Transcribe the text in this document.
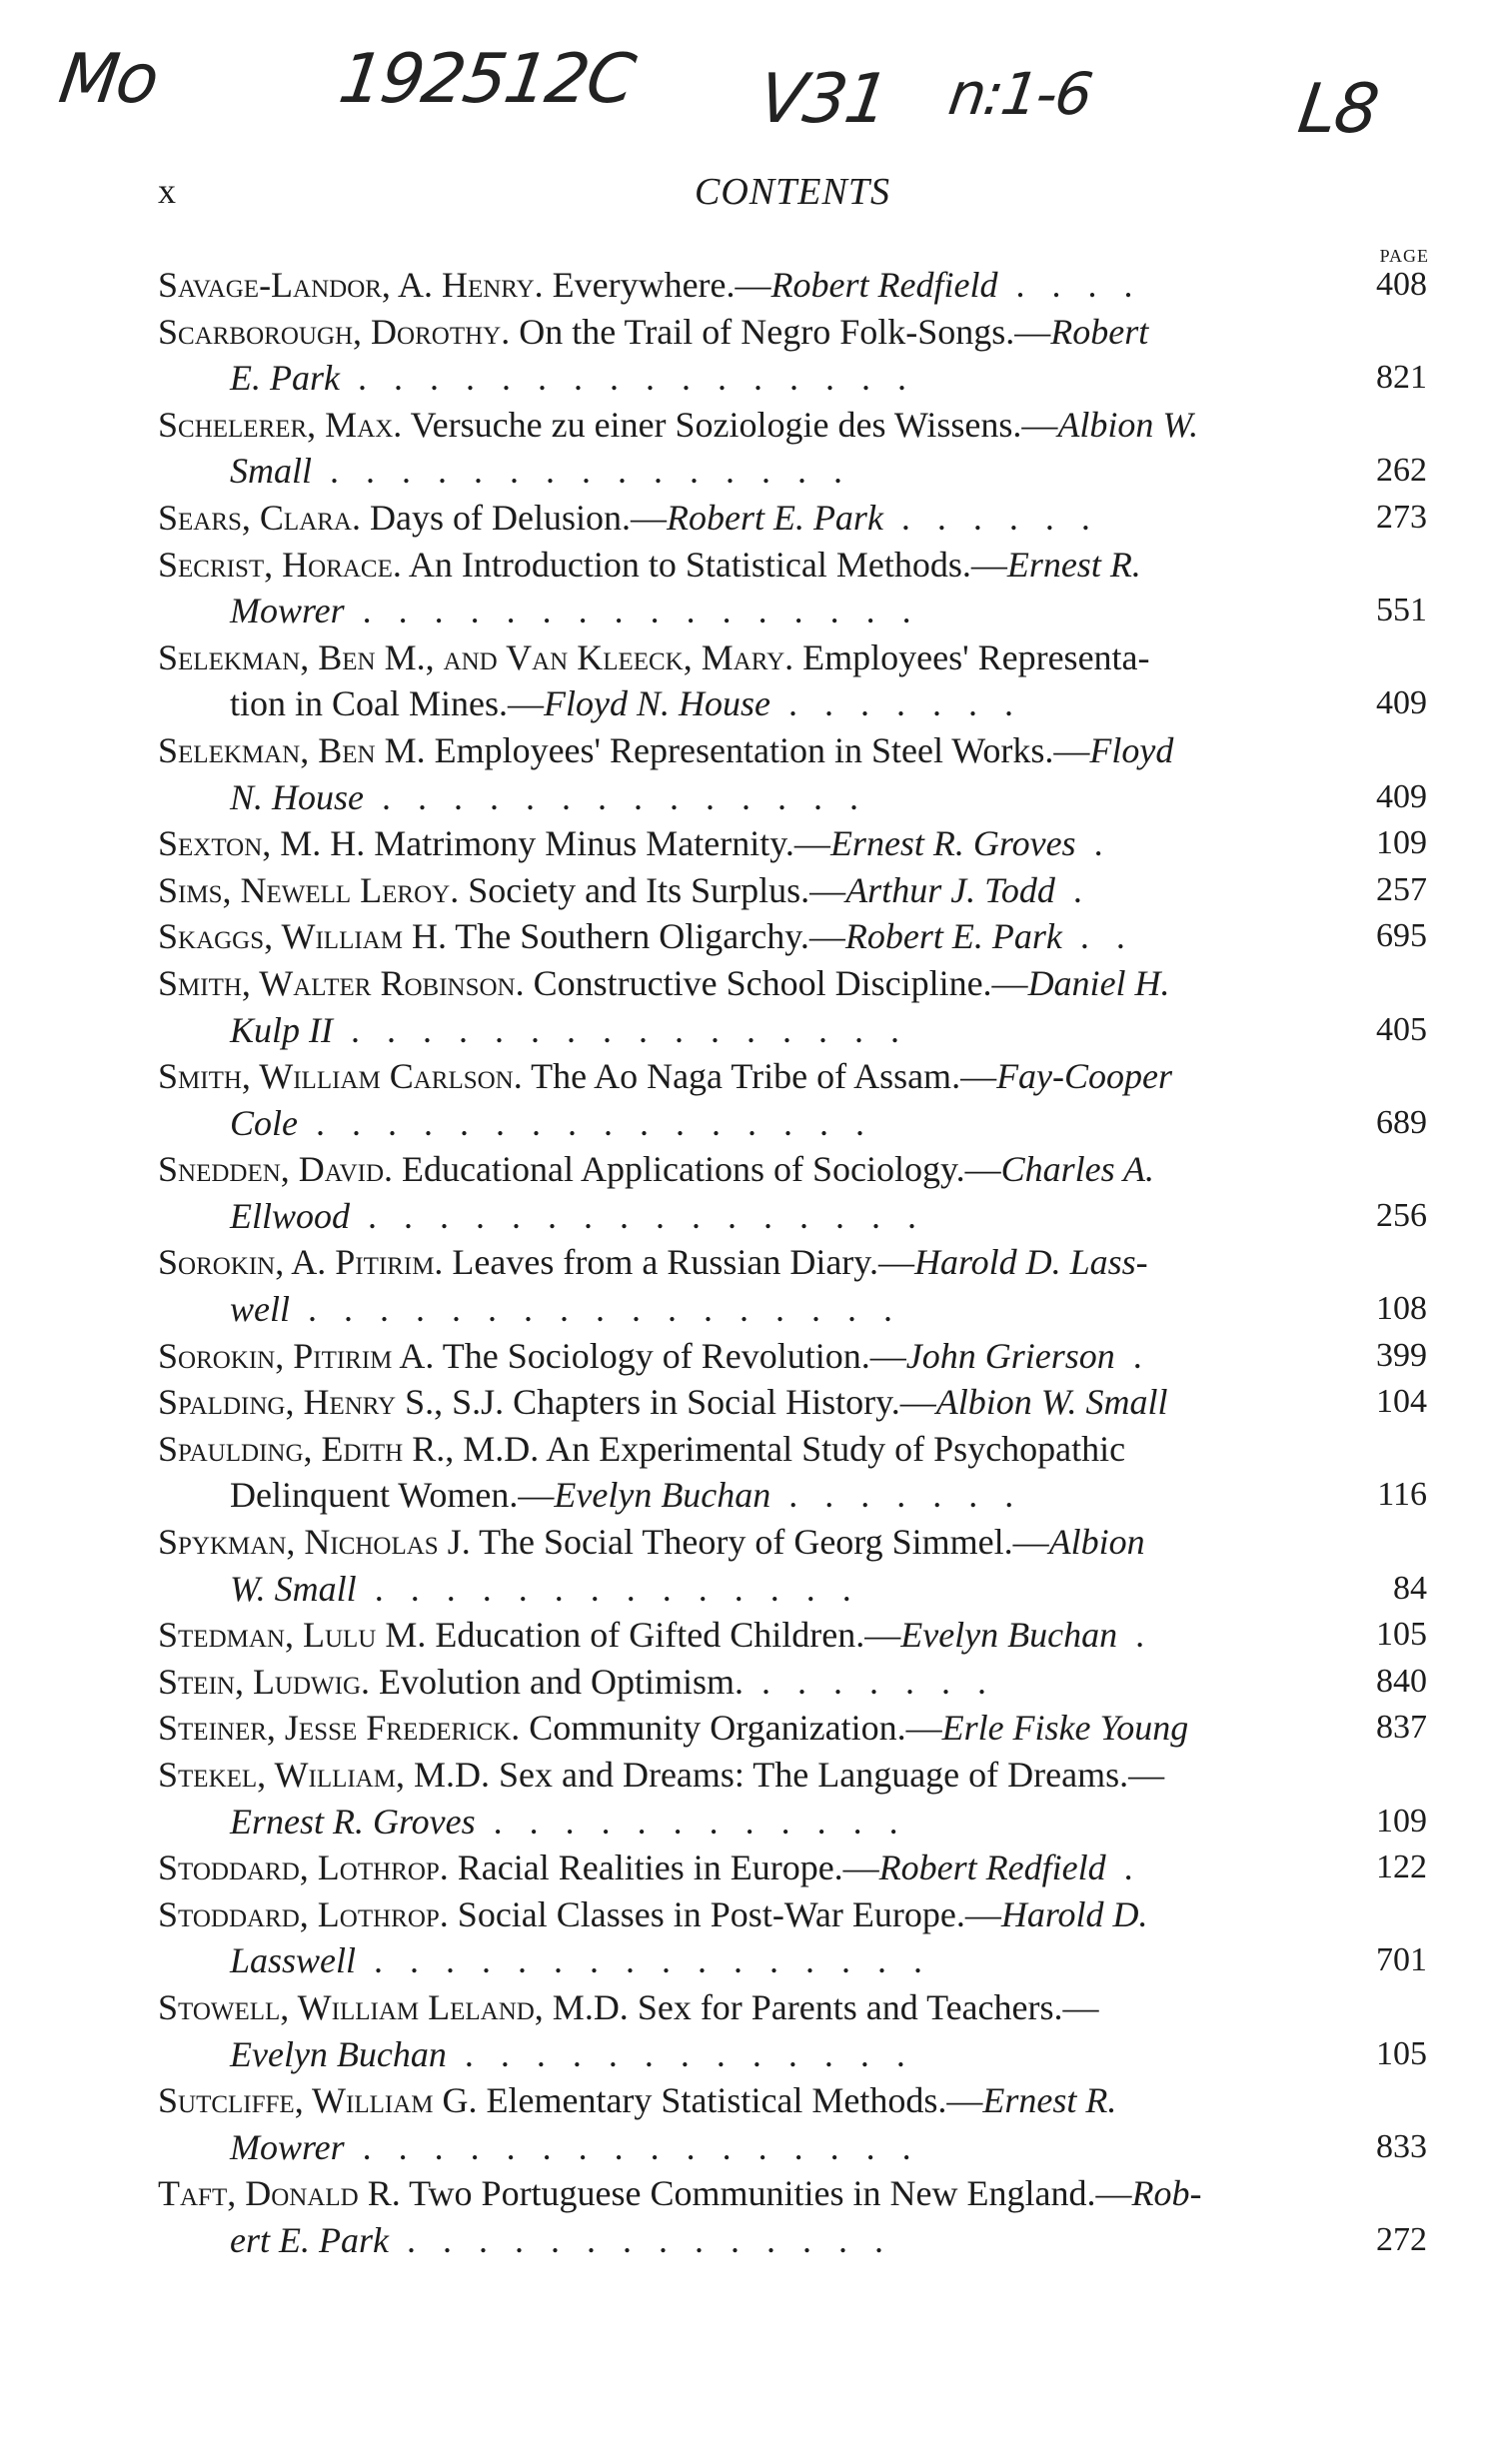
Mo	192512C V31 n:1-6	L8
x	CONTENTS
PAGE
Savage-Landor, A. Henry. Everywhere.—Robert Redfield . . . .	408
Scarborough, Dorothy. On the Trail of Negro Folk-Songs.—Robert
E. Park . . . . . . . . . . . . . . . .	821
Schelerer, Max. Versuche zu einer Soziologie des Wissens.—Albion W.
Small . . . . . . . . . . . . . . .	262
Sears, Clara. Days of Delusion.—Robert E. Park . . . . . .	273
Secrist, Horace. An Introduction to Statistical Methods.—Ernest R.
Mowrer . . . . . . . . . . . . . . . .	551
Selekman, Ben M., and Van Kleeck, Mary. Employees' Representa-
tion in Coal Mines.—Floyd N. House . . . . . . .	409
Selekman, Ben M. Employees' Representation in Steel Works.—Floyd
N. House . . . . . . . . . . . . . .	409
Sexton, M. H. Matrimony Minus Maternity.—Ernest R. Groves .	109
Sims, Newell Leroy. Society and Its Surplus.—Arthur J. Todd .	257
Skaggs, William H. The Southern Oligarchy.—Robert E. Park . .	695
Smith, Walter Robinson. Constructive School Discipline.—Daniel H.
Kulp II . . . . . . . . . . . . . . . .	405
Smith, William Carlson. The Ao Naga Tribe of Assam.—Fay-Cooper
Cole . . . . . . . . . . . . . . . .	689
Snedden, David. Educational Applications of Sociology.—Charles A.
Ellwood . . . . . . . . . . . . . . . .	256
Sorokin, A. Pitirim. Leaves from a Russian Diary.—Harold D. Lass-
well . . . . . . . . . . . . . . . . .	108
Sorokin, Pitirim A. The Sociology of Revolution.—John Grierson .	399
Spalding, Henry S., S.J. Chapters in Social History.—Albion W. Small	104
Spaulding, Edith R., M.D. An Experimental Study of Psychopathic
Delinquent Women.—Evelyn Buchan . . . . . . .	116
Spykman, Nicholas J. The Social Theory of Georg Simmel.—Albion
W. Small . . . . . . . . . . . . . .	84
Stedman, Lulu M. Education of Gifted Children.—Evelyn Buchan .	105
Stein, Ludwig. Evolution and Optimism. . . . . . . .	840
Steiner, Jesse Frederick. Community Organization.—Erle Fiske Young	837
Stekel, William, M.D. Sex and Dreams: The Language of Dreams.—
Ernest R. Groves . . . . . . . . . . . .	109
Stoddard, Lothrop. Racial Realities in Europe.—Robert Redfield .	122
Stoddard, Lothrop. Social Classes in Post-War Europe.—Harold D.
Lasswell . . . . . . . . . . . . . . . .	701
Stowell, William Leland, M.D. Sex for Parents and Teachers.—
Evelyn Buchan . . . . . . . . . . . . .	105
Sutcliffe, William G. Elementary Statistical Methods.—Ernest R.
Mowrer . . . . . . . . . . . . . . . .	833
Taft, Donald R. Two Portuguese Communities in New England.—Rob-
ert E. Park . . . . . . . . . . . . . .	272
